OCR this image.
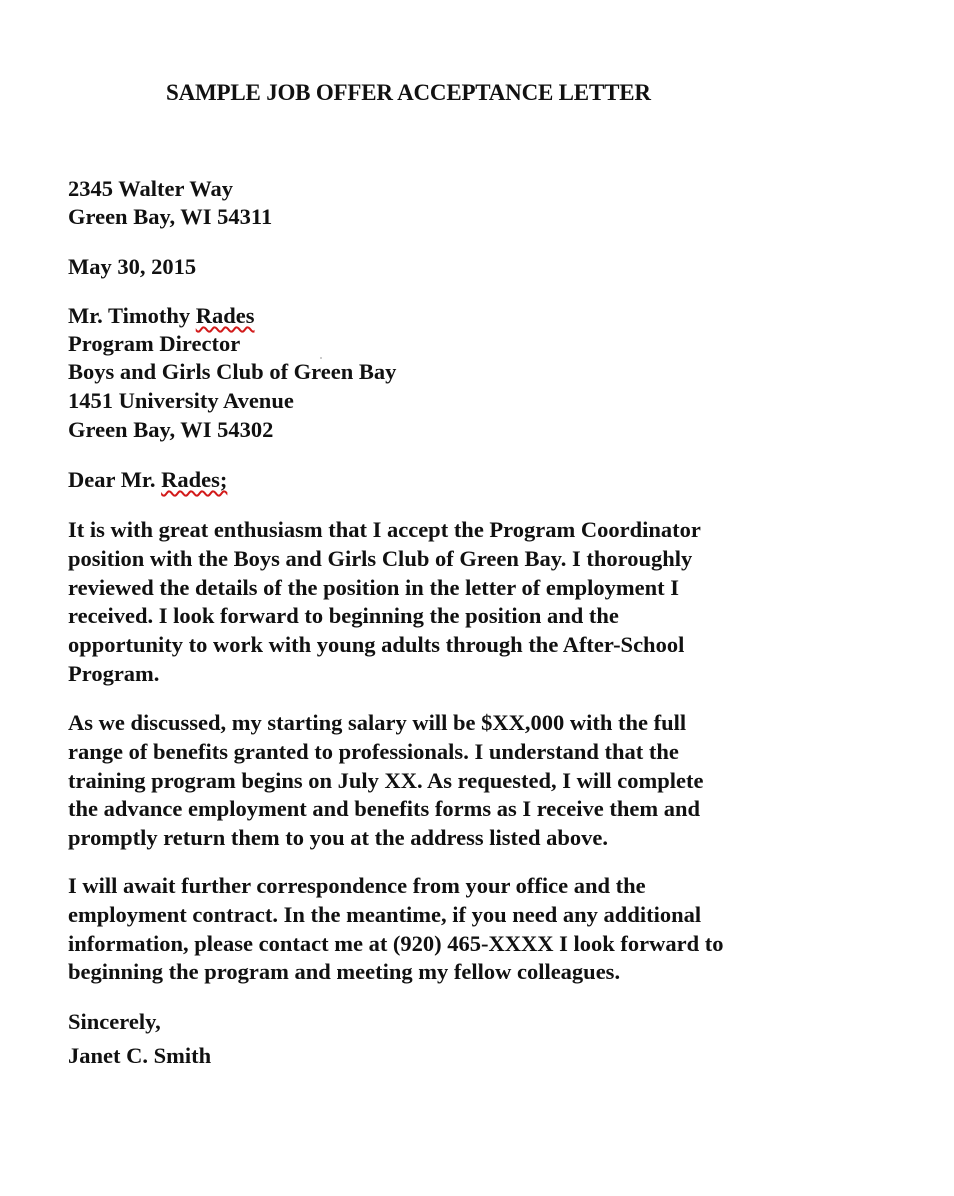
SAMPLE JOB OFFER ACCEPTANCE LETTER
2345 Walter Way
Green Bay, WI 54311
May 30, 2015
Mr. Timothy Rades
Program Director
Boys and Girls Club of Green Bay
1451 University Avenue
Green Bay, WI 54302
Dear Mr. Rades;
It is with great enthusiasm that I accept the Program Coordinator
position with the Boys and Girls Club of Green Bay. I thoroughly
reviewed the details of the position in the letter of employment I
received. I look forward to beginning the position and the
opportunity to work with young adults through the After-School
Program.
As we discussed, my starting salary will be $XX,000 with the full
range of benefits granted to professionals. I understand that the
training program begins on July XX. As requested, I will complete
the advance employment and benefits forms as I receive them and
promptly return them to you at the address listed above.
I will await further correspondence from your office and the
employment contract. In the meantime, if you need any additional
information, please contact me at (920) 465-XXXX I look forward to
beginning the program and meeting my fellow colleagues.
Sincerely,
Janet C. Smith
